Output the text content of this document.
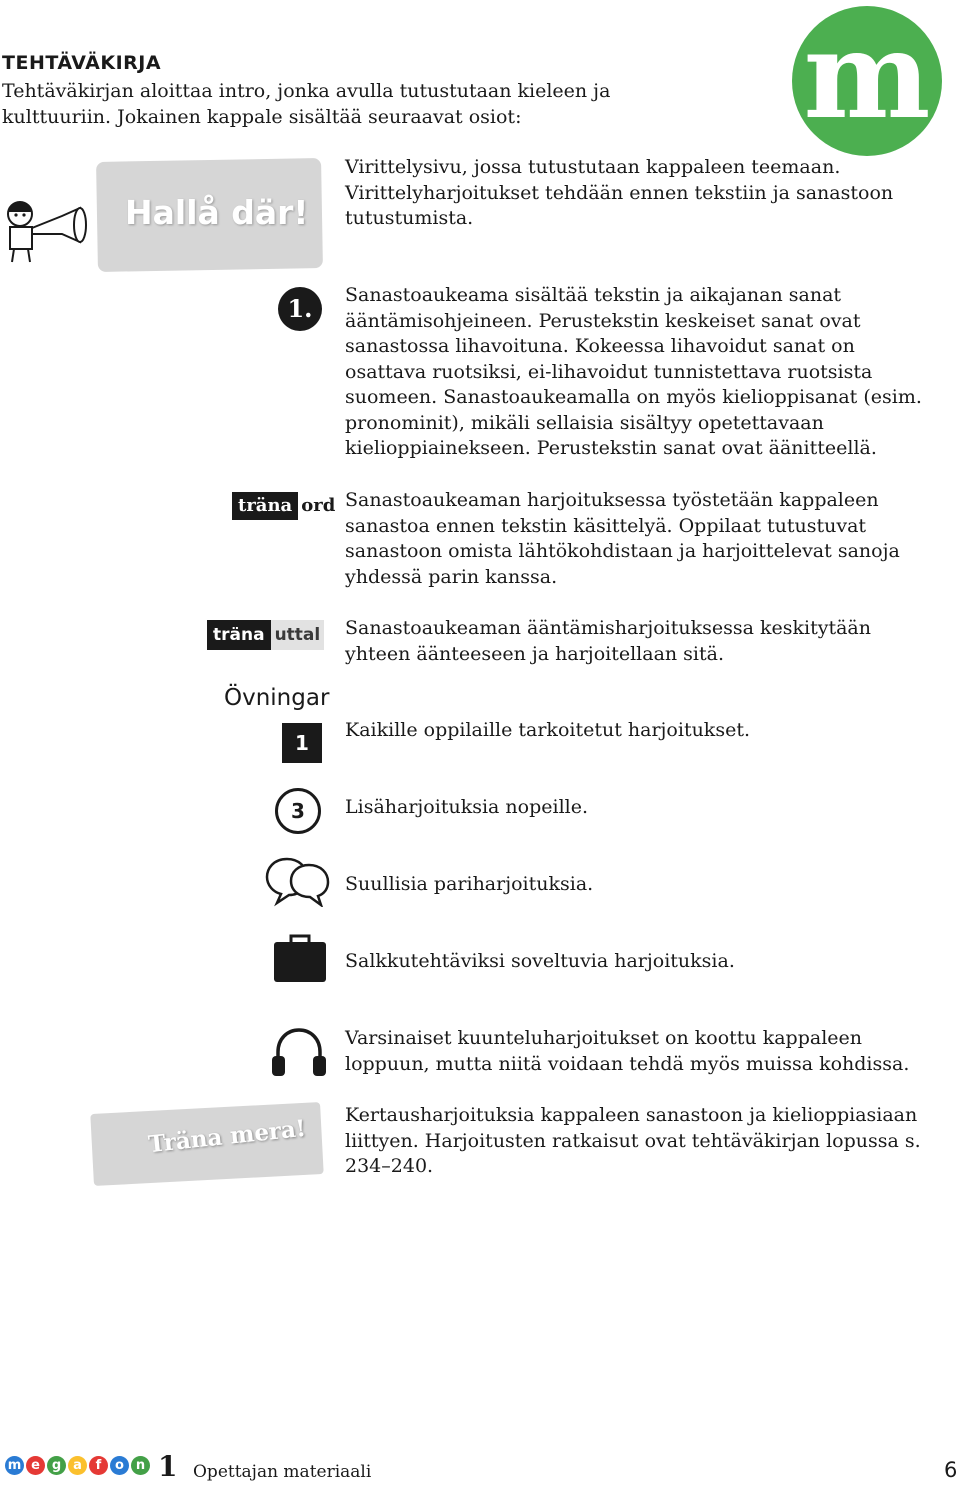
TEHTÄVÄKIRJA
Tehtäväkirjan aloittaa intro, jonka avulla tutustutaan kieleen ja kulttuuriin. Jokainen kappale sisältää seuraavat osiot:	m
Hallå där!
Virittelysivu, jossa tutustutaan kappaleen teemaan. Virittelyharjoitukset tehdään ennen tekstiin ja sanastoon tutustumista.
1.	Sanastoaukeama sisältää tekstin ja aikajanan sanat ääntämisohjeineen. Perustekstin keskeiset sanat ovat sanastossa lihavoituna. Kokeessa lihavoidut sanat on osattava ruotsiksi, ei-lihavoidut tunnistettava ruotsista suomeen. Sanastoaukeamalla on myös kielioppisanat (esim. pronominit), mikäli sellaisia sisältyy opetettavaan kielioppiainekseen. Perustekstin sanat ovat äänitteellä.
träna ord Sanastoaukeaman harjoituksessa työstetään kappaleen sanastoa ennen tekstin käsittelyä. Oppilaat tutustuvat sanastoon omista lähtökohdistaan ja harjoittelevat sanoja yhdessä parin kanssa.
träna uttal Sanastoaukeaman ääntämisharjoituksessa keskitytään yhteen äänteeseen ja harjoitellaan sitä.
Övningar
1
Kaikille oppilaille tarkoitetut harjoitukset.
3	Lisäharjoituksia nopeille.
Suullisia pariharjoituksia.
Salkkutehtäviksi soveltuvia harjoituksia.
Varsinaiset kuunteluharjoitukset on koottu kappaleen loppuun, mutta niitä voidaan tehdä myös muissa kohdissa.
Träna mera! Kertausharjoituksia kappaleen sanastoon ja kielioppiasiaan liittyen. Harjoitusten ratkaisut ovat tehtäväkirjan lopussa s. 234–240.
m e g a	f	o n 1 Opettajan materiaali	6
